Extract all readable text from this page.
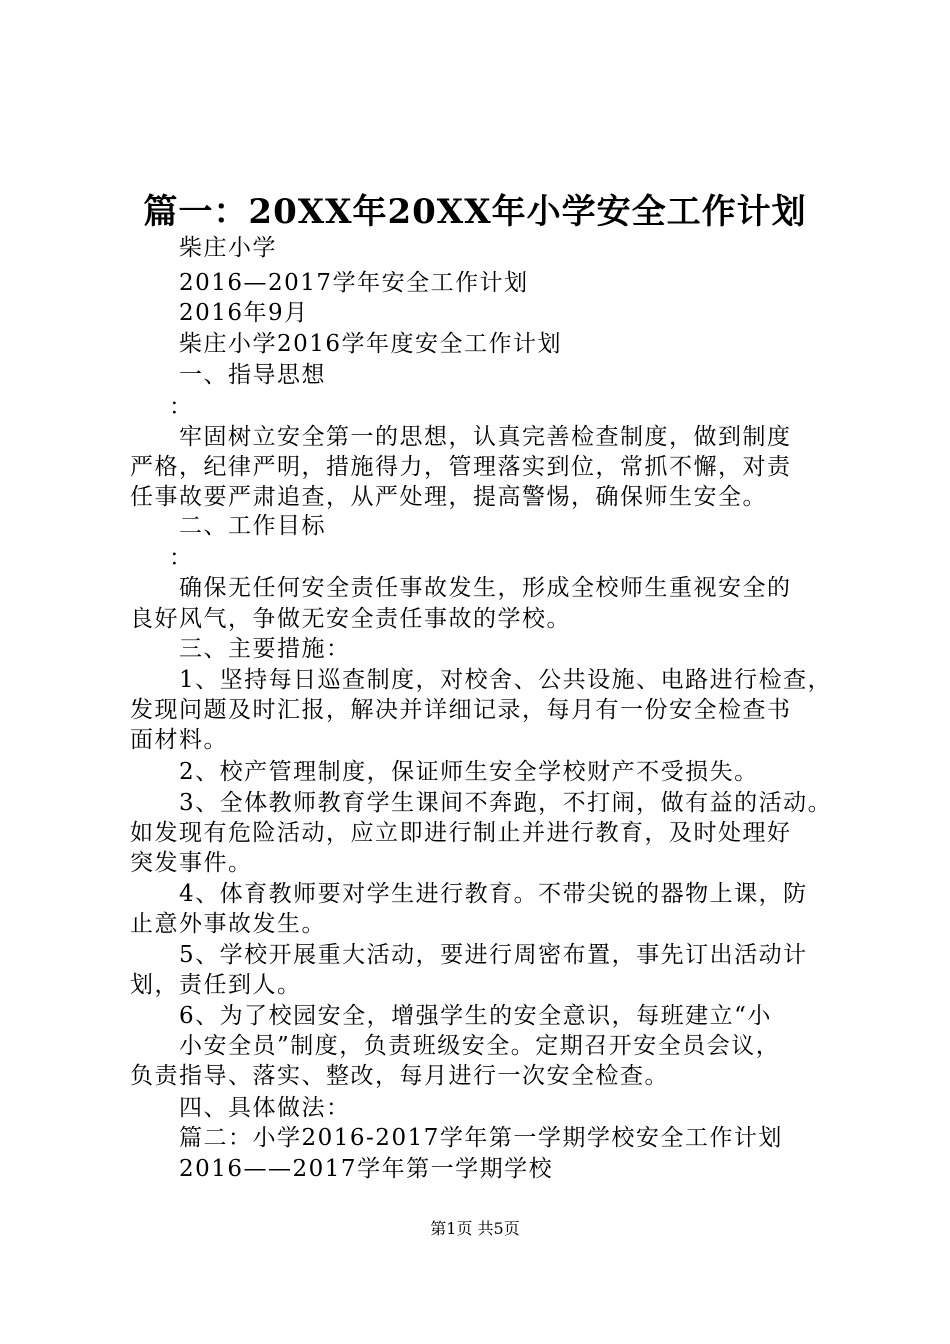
篇一：20XX年20XX年小学安全工作计划
柴庄小学
2016—2017学年安全工作计划
2016年9月
柴庄小学2016学年度安全工作计划
一、指导思想
：
牢固树立安全第一的思想，认真完善检查制度，做到制度
严格，纪律严明，措施得力，管理落实到位，常抓不懈，对责
任事故要严肃追查，从严处理，提高警惕，确保师生安全。
二、工作目标
：
确保无任何安全责任事故发生，形成全校师生重视安全的
良好风气，争做无安全责任事故的学校。
三、主要措施：
1、坚持每日巡查制度，对校舍、公共设施、电路进行检查，
发现问题及时汇报，解决并详细记录，每月有一份安全检查书
面材料。
2、校产管理制度，保证师生安全学校财产不受损失。
3、全体教师教育学生课间不奔跑，不打闹，做有益的活动。
如发现有危险活动，应立即进行制止并进行教育，及时处理好
突发事件。
4、体育教师要对学生进行教育。不带尖锐的器物上课，防
止意外事故发生。
5、学校开展重大活动，要进行周密布置，事先订出活动计
划，责任到人。
6、为了校园安全，增强学生的安全意识，每班建立“小
小安全员”制度，负责班级安全。定期召开安全员会议，
负责指导、落实、整改，每月进行一次安全检查。
四、具体做法：
篇二：小学2016-2017学年第一学期学校安全工作计划
2016——2017学年第一学期学校
第1页 共5页
